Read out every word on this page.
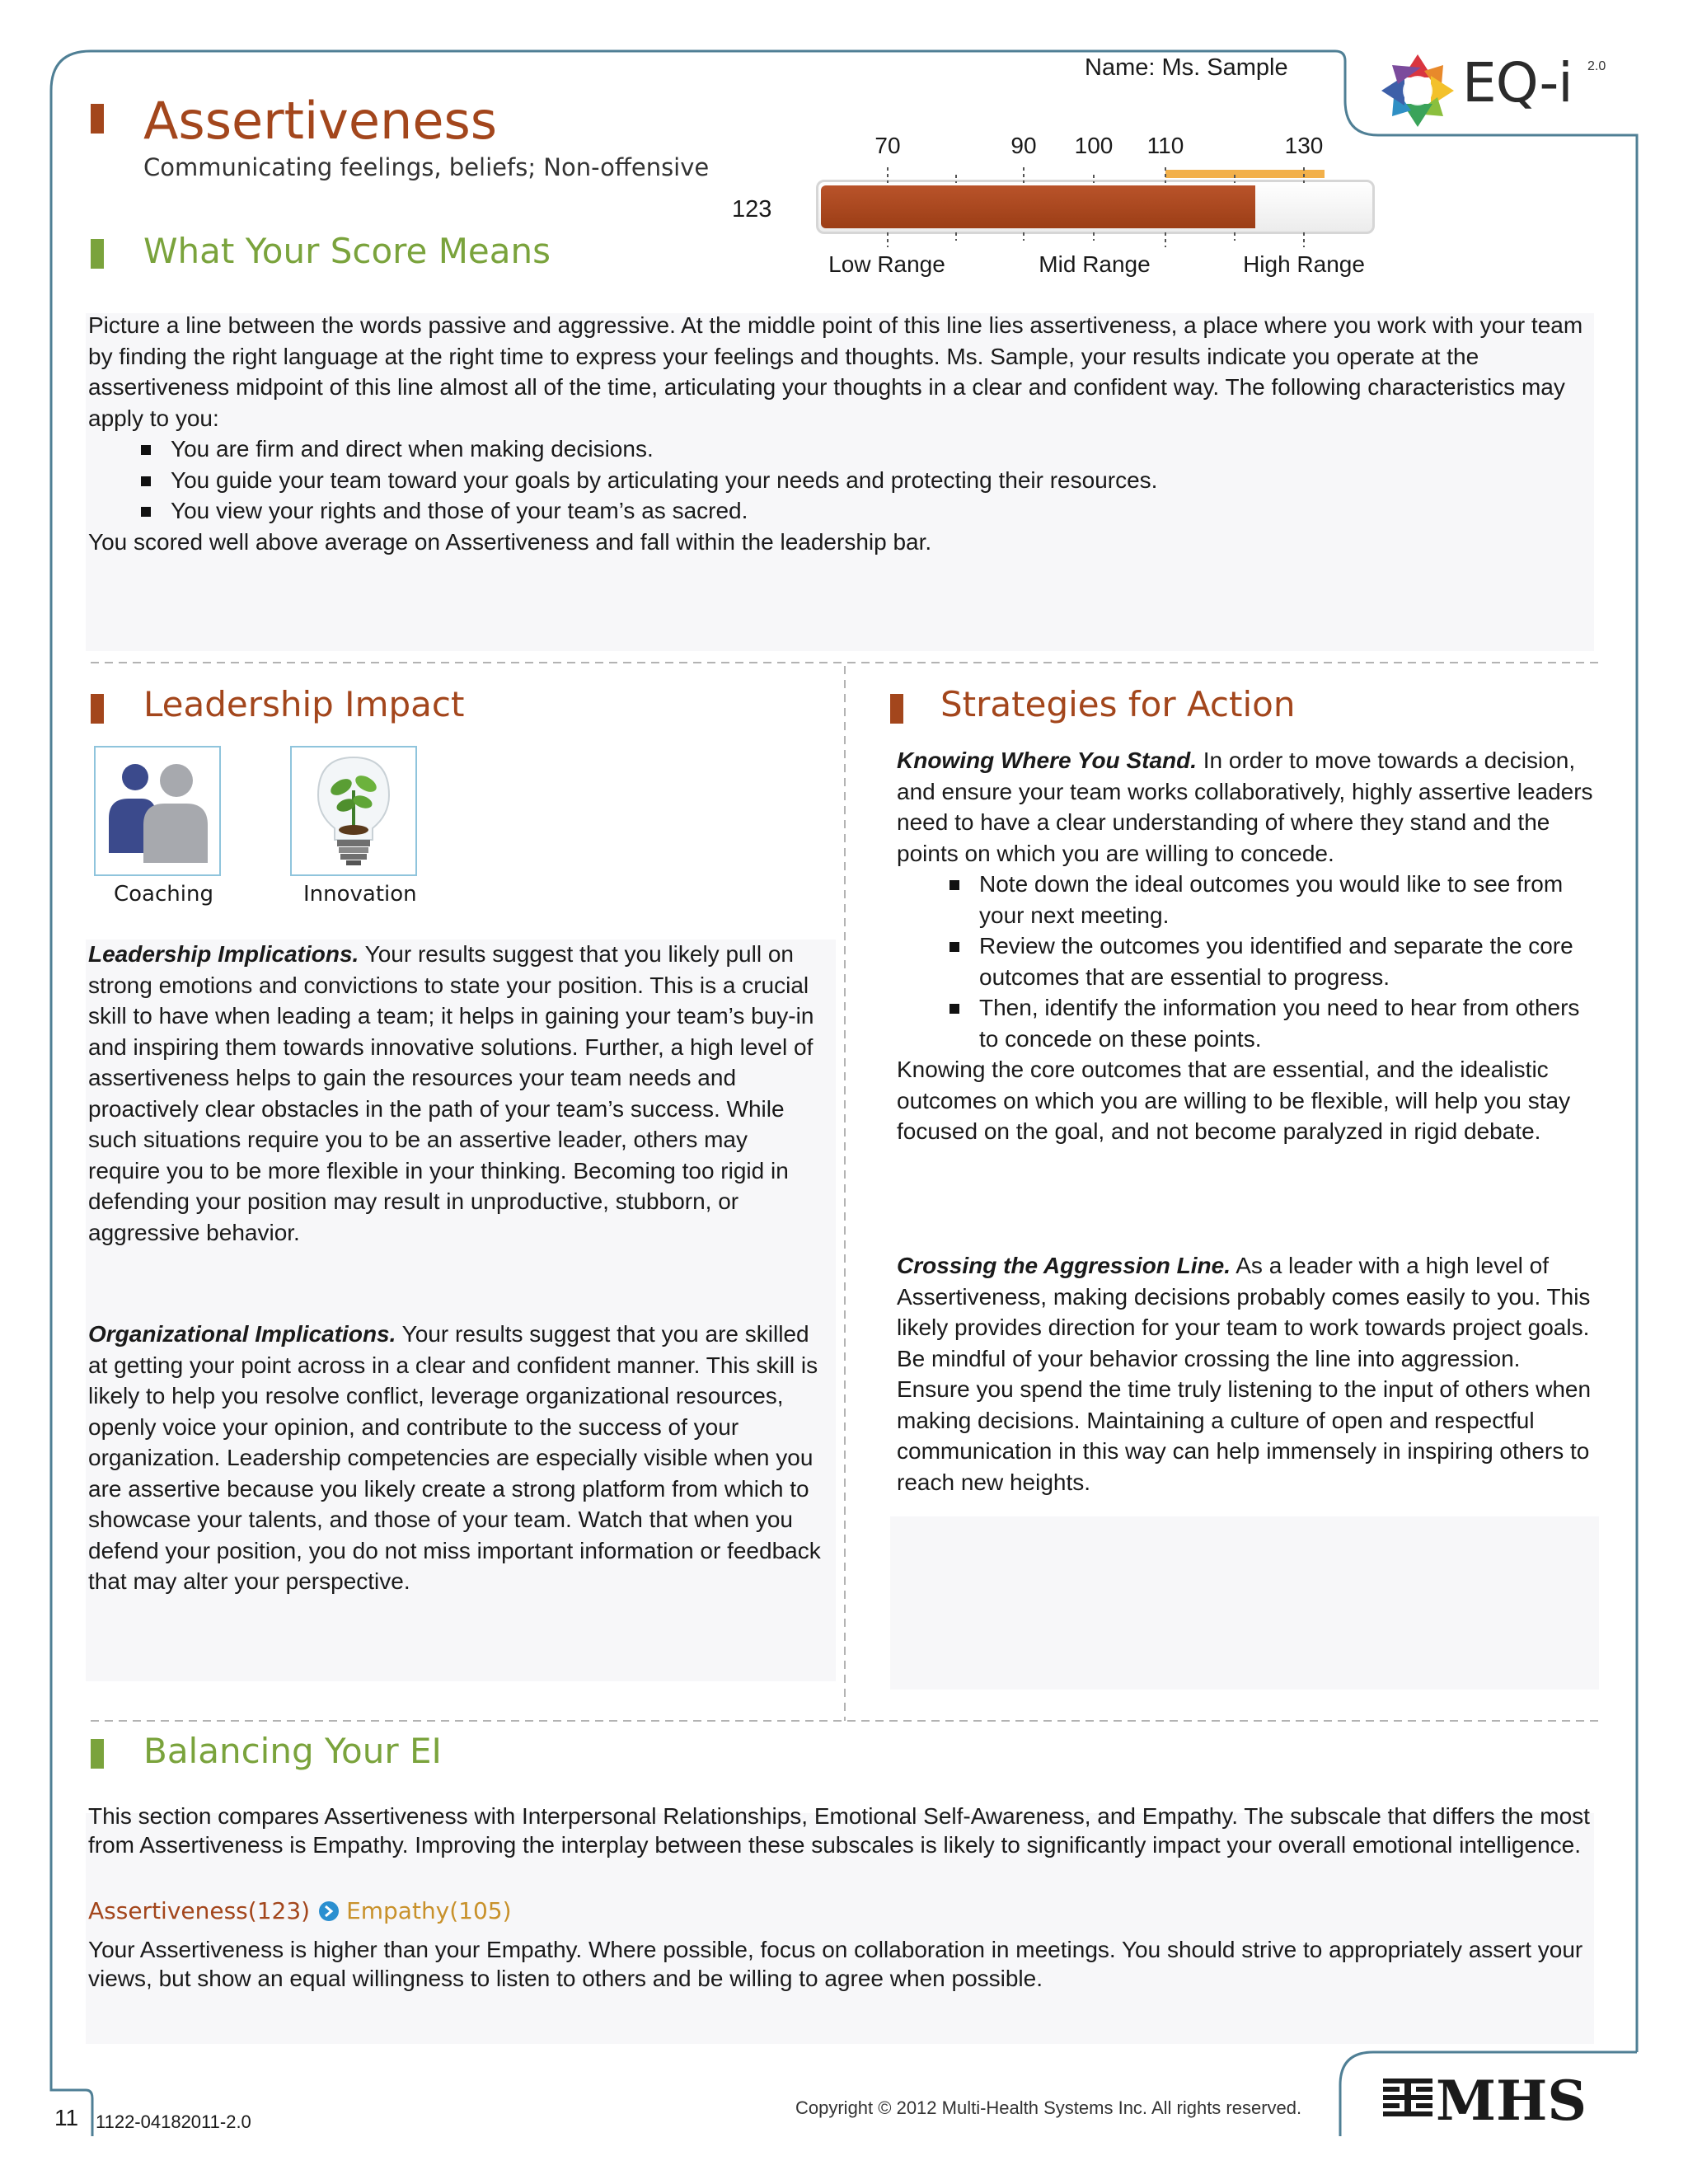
Name: Ms. Sample	EQ-i 2.0
Assertiveness
Communicating feelings, beliefs; Non-offensive
123
70	90 100 110	130
Low Range	Mid Range	High Range
What Your Score Means

Picture a line between the words passive and aggressive. At the middle point of this line lies assertiveness, a place where you work with your team by finding the right language at the right time to express your feelings and thoughts. Ms. Sample, your results indicate you operate at the assertiveness midpoint of this line almost all of the time, articulating your thoughts in a clear and confident way. The following characteristics may apply to you:

You are firm and direct when making decisions.
You guide your team toward your goals by articulating your needs and protecting their resources.
You view your rights and those of your team’s as sacred.

You scored well above average on Assertiveness and fall within the leadership bar.

Leadership Impact
Coaching	Innovation

Leadership Implications. Your results suggest that you likely pull on strong emotions and convictions to state your position. This is a crucial skill to have when leading a team; it helps in gaining your team’s buy-in and inspiring them towards innovative solutions. Further, a high level of assertiveness helps to gain the resources your team needs and proactively clear obstacles in the path of your team’s success. While such situations require you to be an assertive leader, others may require you to be more flexible in your thinking. Becoming too rigid in defending your position may result in unproductive, stubborn, or aggressive behavior.

Organizational Implications. Your results suggest that you are skilled at getting your point across in a clear and confident manner. This skill is likely to help you resolve conflict, leverage organizational resources, openly voice your opinion, and contribute to the success of your organization. Leadership competencies are especially visible when you are assertive because you likely create a strong platform from which to showcase your talents, and those of your team. Watch that when you defend your position, you do not miss important information or feedback that may alter your perspective.

Strategies for Action

Knowing Where You Stand. In order to move towards a decision, and ensure your team works collaboratively, highly assertive leaders need to have a clear understanding of where they stand and the points on which you are willing to concede.

Note down the ideal outcomes you would like to see from your next meeting.
Review the outcomes you identified and separate the core outcomes that are essential to progress.
Then, identify the information you need to hear from others to concede on these points.

Knowing the core outcomes that are essential, and the idealistic outcomes on which you are willing to be flexible, will help you stay focused on the goal, and not become paralyzed in rigid debate.

Crossing the Aggression Line. As a leader with a high level of Assertiveness, making decisions probably comes easily to you. This likely provides direction for your team to work towards project goals. Be mindful of your behavior crossing the line into aggression. Ensure you spend the time truly listening to the input of others when making decisions. Maintaining a culture of open and respectful communication in this way can help immensely in inspiring others to reach new heights.

Balancing Your EI
This section compares Assertiveness with Interpersonal Relationships, Emotional Self-Awareness, and Empathy. The subscale that differs the most from Assertiveness is Empathy. Improving the interplay between these subscales is likely to significantly impact your overall emotional intelligence.
Assertiveness(123) Empathy(105)
Your Assertiveness is higher than your Empathy. Where possible, focus on collaboration in meetings. You should strive to appropriately assert your views, but show an equal willingness to listen to others and be willing to agree when possible.
11 1122-04182011-2.0
Copyright © 2012 Multi-Health Systems Inc. All rights reserved. MHS
